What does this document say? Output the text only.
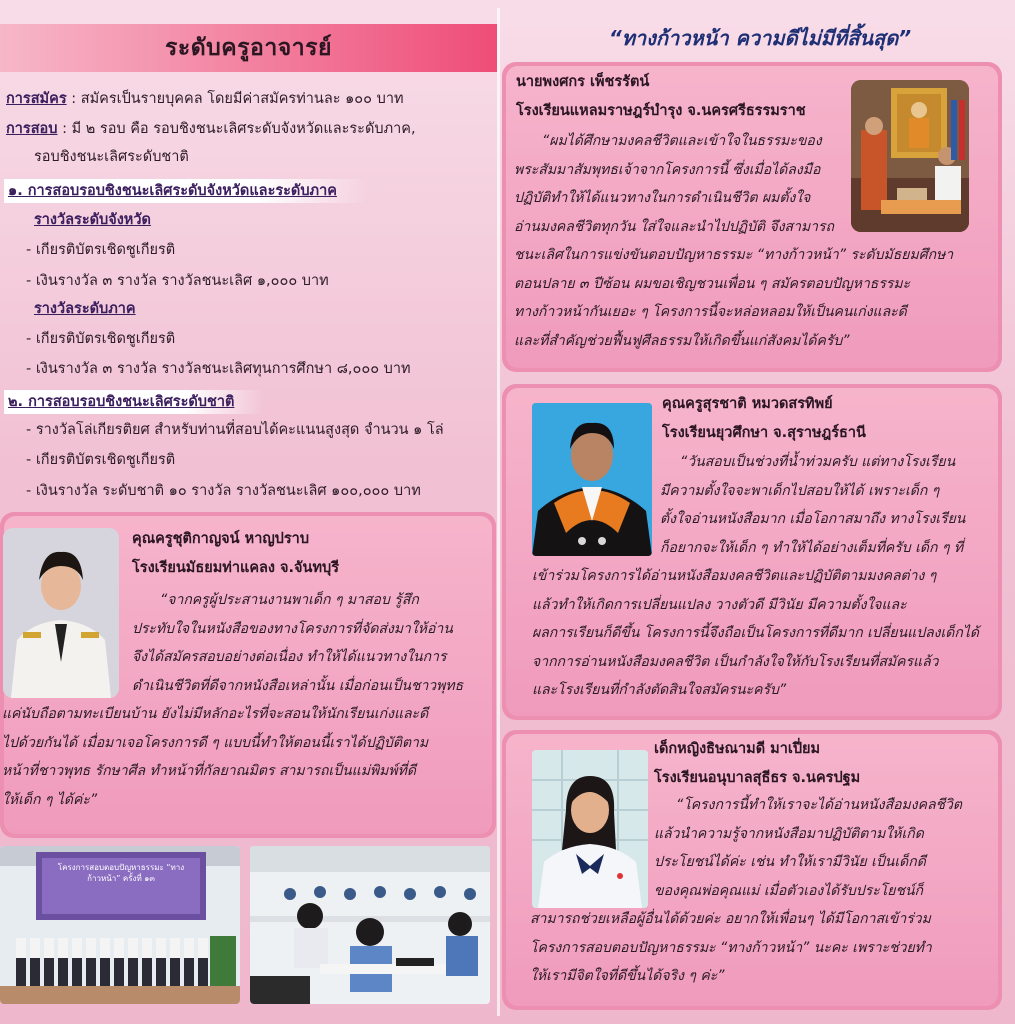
ระดับครูอาจารย์
การสมัคร : สมัครเป็นรายบุคคล โดยมีค่าสมัครท่านละ ๑๐๐ บาท
การสอบ : มี ๒ รอบ คือ รอบชิงชนะเลิศระดับจังหวัดและระดับภาค,
รอบชิงชนะเลิศระดับชาติ
๑. การสอบรอบชิงชนะเลิศระดับจังหวัดและระดับภาค
รางวัลระดับจังหวัด
- เกียรติบัตรเชิดชูเกียรติ
- เงินรางวัล ๓ รางวัล รางวัลชนะเลิศ ๑,๐๐๐ บาท
รางวัลระดับภาค
- เกียรติบัตรเชิดชูเกียรติ
- เงินรางวัล ๓ รางวัล รางวัลชนะเลิศทุนการศึกษา ๘,๐๐๐ บาท
๒. การสอบรอบชิงชนะเลิศระดับชาติ
- รางวัลโล่เกียรติยศ สำหรับท่านที่สอบได้คะแนนสูงสุด จำนวน ๑ โล่
- เกียรติบัตรเชิดชูเกียรติ
- เงินรางวัล ระดับชาติ ๑๐ รางวัล รางวัลชนะเลิศ ๑๐๐,๐๐๐ บาท
คุณครูชุติกาญจน์ หาญปราบ
โรงเรียนมัธยมท่าแคลง จ.จันทบุรี

“จากครูผู้ประสานงานพาเด็ก ๆ มาสอบ รู้สึก

ประทับใจในหนังสือของทางโครงการที่จัดส่งมาให้อ่าน

จึงได้สมัครสอบอย่างต่อเนื่อง ทำให้ได้แนวทางในการ

ดำเนินชีวิตที่ดีจากหนังสือเหล่านั้น เมื่อก่อนเป็นชาวพุทธ

แค่นับถือตามทะเบียนบ้าน ยังไม่มีหลักอะไรที่จะสอนให้นักเรียนเก่งและดี

ไปด้วยกันได้ เมื่อมาเจอโครงการดี ๆ แบบนี้ทำให้ตอนนี้เราได้ปฏิบัติตาม

หน้าที่ชาวพุทธ รักษาศีล ทำหน้าที่กัลยาณมิตร สามารถเป็นแม่พิมพ์ที่ดี

ให้เด็ก ๆ ได้ค่ะ”

โครงการสอบตอบปัญหาธรรมะ “ทางก้าวหน้า” ครั้งที่ ๑๓
“ทางก้าวหน้า ความดีไม่มีที่สิ้นสุด”
นายพงศกร เพ็ชรรัตน์
โรงเรียนแหลมราษฎร์บำรุง จ.นครศรีธรรมราช

“ผมได้ศึกษามงคลชีวิตและเข้าใจในธรรมะของ

พระสัมมาสัมพุทธเจ้าจากโครงการนี้ ซึ่งเมื่อได้ลงมือ

ปฏิบัติทำให้ได้แนวทางในการดำเนินชีวิต ผมตั้งใจ

อ่านมงคลชีวิตทุกวัน ใส่ใจและนำไปปฏิบัติ จึงสามารถ

ชนะเลิศในการแข่งขันตอบปัญหาธรรมะ “ทางก้าวหน้า” ระดับมัธยมศึกษา

ตอนปลาย ๓ ปีซ้อน ผมขอเชิญชวนเพื่อน ๆ สมัครตอบปัญหาธรรมะ

ทางก้าวหน้ากันเยอะ ๆ โครงการนี้จะหล่อหลอมให้เป็นคนเก่งและดี

และที่สำคัญช่วยฟื้นฟูศีลธรรมให้เกิดขึ้นแก่สังคมได้ครับ”

คุณครูสุรชาติ หมวดสรทิพย์
โรงเรียนยุวศึกษา จ.สุราษฎร์ธานี

“วันสอบเป็นช่วงที่น้ำท่วมครับ แต่ทางโรงเรียน

มีความตั้งใจจะพาเด็กไปสอบให้ได้ เพราะเด็ก ๆ

ตั้งใจอ่านหนังสือมาก เมื่อโอกาสมาถึง ทางโรงเรียน

ก็อยากจะให้เด็ก ๆ ทำให้ได้อย่างเต็มที่ครับ เด็ก ๆ ที่

เข้าร่วมโครงการได้อ่านหนังสือมงคลชีวิตและปฏิบัติตามมงคลต่าง ๆ

แล้วทำให้เกิดการเปลี่ยนแปลง วางตัวดี มีวินัย มีความตั้งใจและ

ผลการเรียนก็ดีขึ้น โครงการนี้จึงถือเป็นโครงการที่ดีมาก เปลี่ยนแปลงเด็กได้

จากการอ่านหนังสือมงคลชีวิต เป็นกำลังใจให้กับโรงเรียนที่สมัครแล้ว

และโรงเรียนที่กำลังตัดสินใจสมัครนะครับ”

เด็กหญิงธิษณามดี มาเปี่ยม
โรงเรียนอนุบาลสุธีธร จ.นครปฐม

“โครงการนี้ทำให้เราจะได้อ่านหนังสือมงคลชีวิต

แล้วนำความรู้จากหนังสือมาปฏิบัติตามให้เกิด

ประโยชน์ได้ค่ะ เช่น ทำให้เรามีวินัย เป็นเด็กดี

ของคุณพ่อคุณแม่ เมื่อตัวเองได้รับประโยชน์ก็

สามารถช่วยเหลือผู้อื่นได้ด้วยค่ะ อยากให้เพื่อนๆ ได้มีโอกาสเข้าร่วม

โครงการสอบตอบปัญหาธรรมะ “ทางก้าวหน้า” นะคะ เพราะช่วยทำ

ให้เรามีจิตใจที่ดีขึ้นได้จริง ๆ ค่ะ”
